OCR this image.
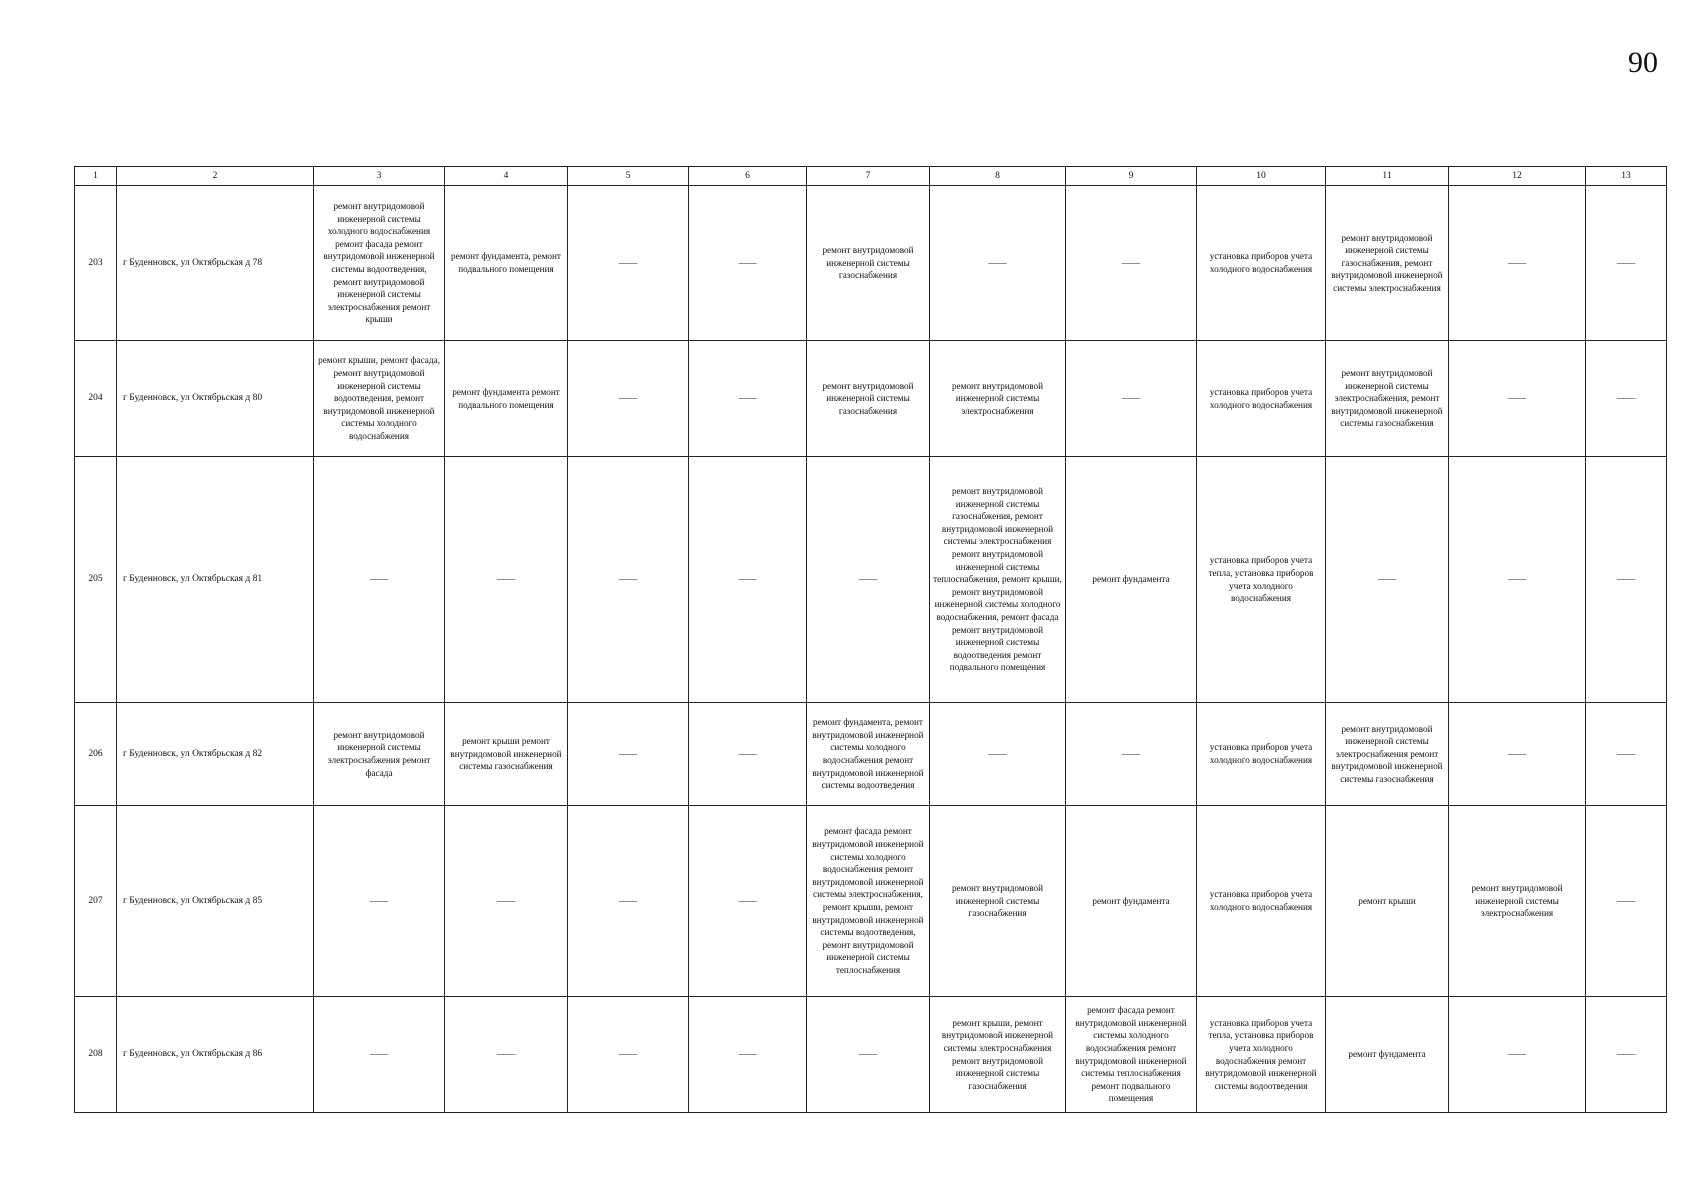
90
1	2	3	4	5	6	7	8	9	10	11	12	13
203	г Буденновск, ул Октябрьская д 78	ремонт внутридомовой инженерной системы холодного водоснабжения ремонт фасада ремонт внутридомовой инженерной системы водоотведения, ремонт внутридомовой инженерной системы электроснабжения ремонт крыши	ремонт фундамента, ремонт подвального помещения	——	——	ремонт внутридомовой инженерной системы газоснабжения	——	——	установка приборов учета холодного водоснабжения	ремонт внутридомовой инженерной системы газоснабжения, ремонт внутридомовой инженерной системы электроснабжения	——	——
204	г Буденновск, ул Октябрьская д 80	ремонт крыши, ремонт фасада, ремонт внутридомовой инженерной системы водоотведения, ремонт внутридомовой инженерной системы холодного водоснабжения	ремонт фундамента ремонт подвального помещения	——	——	ремонт внутридомовой инженерной системы газоснабжения	ремонт внутридомовой инженерной системы электроснабжения	——	установка приборов учета холодного водоснабжения	ремонт внутридомовой инженерной системы электроснабжения, ремонт внутридомовой инженерной системы газоснабжения	——	——
205	г Буденновск, ул Октябрьская д 81	——	——	——	——	——	ремонт внутридомовой инженерной системы газоснабжения, ремонт внутридомовой инженерной системы электроснабжения ремонт внутридомовой инженерной системы теплоснабжения, ремонт крыши, ремонт внутридомовой инженерной системы холодного водоснабжения, ремонт фасада ремонт внутридомовой инженерной системы водоотведения ремонт подвального помещения	ремонт фундамента	установка приборов учета тепла, установка приборов учета холодного водоснабжения	——	——	——
206	г Буденновск, ул Октябрьская д 82	ремонт внутридомовой инженерной системы электроснабжения ремонт фасада	ремонт крыши ремонт внутридомовой инженерной системы газоснабжения	——	——	ремонт фундамента, ремонт внутридомовой инженерной системы холодного водоснабжения ремонт внутридомовой инженерной системы водоотведения	——	——	установка приборов учета холодного водоснабжения	ремонт внутридомовой инженерной системы электроснабжения ремонт внутридомовой инженерной системы газоснабжения	——	——
207	г Буденновск, ул Октябрьская д 85	——	——	——	——	ремонт фасада ремонт внутридомовой инженерной системы холодного водоснабжения ремонт внутридомовой инженерной системы электроснабжения, ремонт крыши, ремонт внутридомовой инженерной системы водоотведения, ремонт внутридомовой инженерной системы теплоснабжения	ремонт внутридомовой инженерной системы газоснабжения	ремонт фундамента	установка приборов учета холодного водоснабжения	ремонт крыши	ремонт внутридомовой инженерной системы электроснабжения	——
208	г Буденновск, ул Октябрьская д 86	——	——	——	——	——	ремонт крыши, ремонт внутридомовой инженерной системы электроснабжения ремонт внутридомовой инженерной системы газоснабжения	ремонт фасада ремонт внутридомовой инженерной системы холодного водоснабжения ремонт внутридомовой инженерной системы теплоснабжения ремонт подвального помещения	установка приборов учета тепла, установка приборов учета холодного водоснабжения ремонт внутридомовой инженерной системы водоотведения	ремонт фундамента	——	——
